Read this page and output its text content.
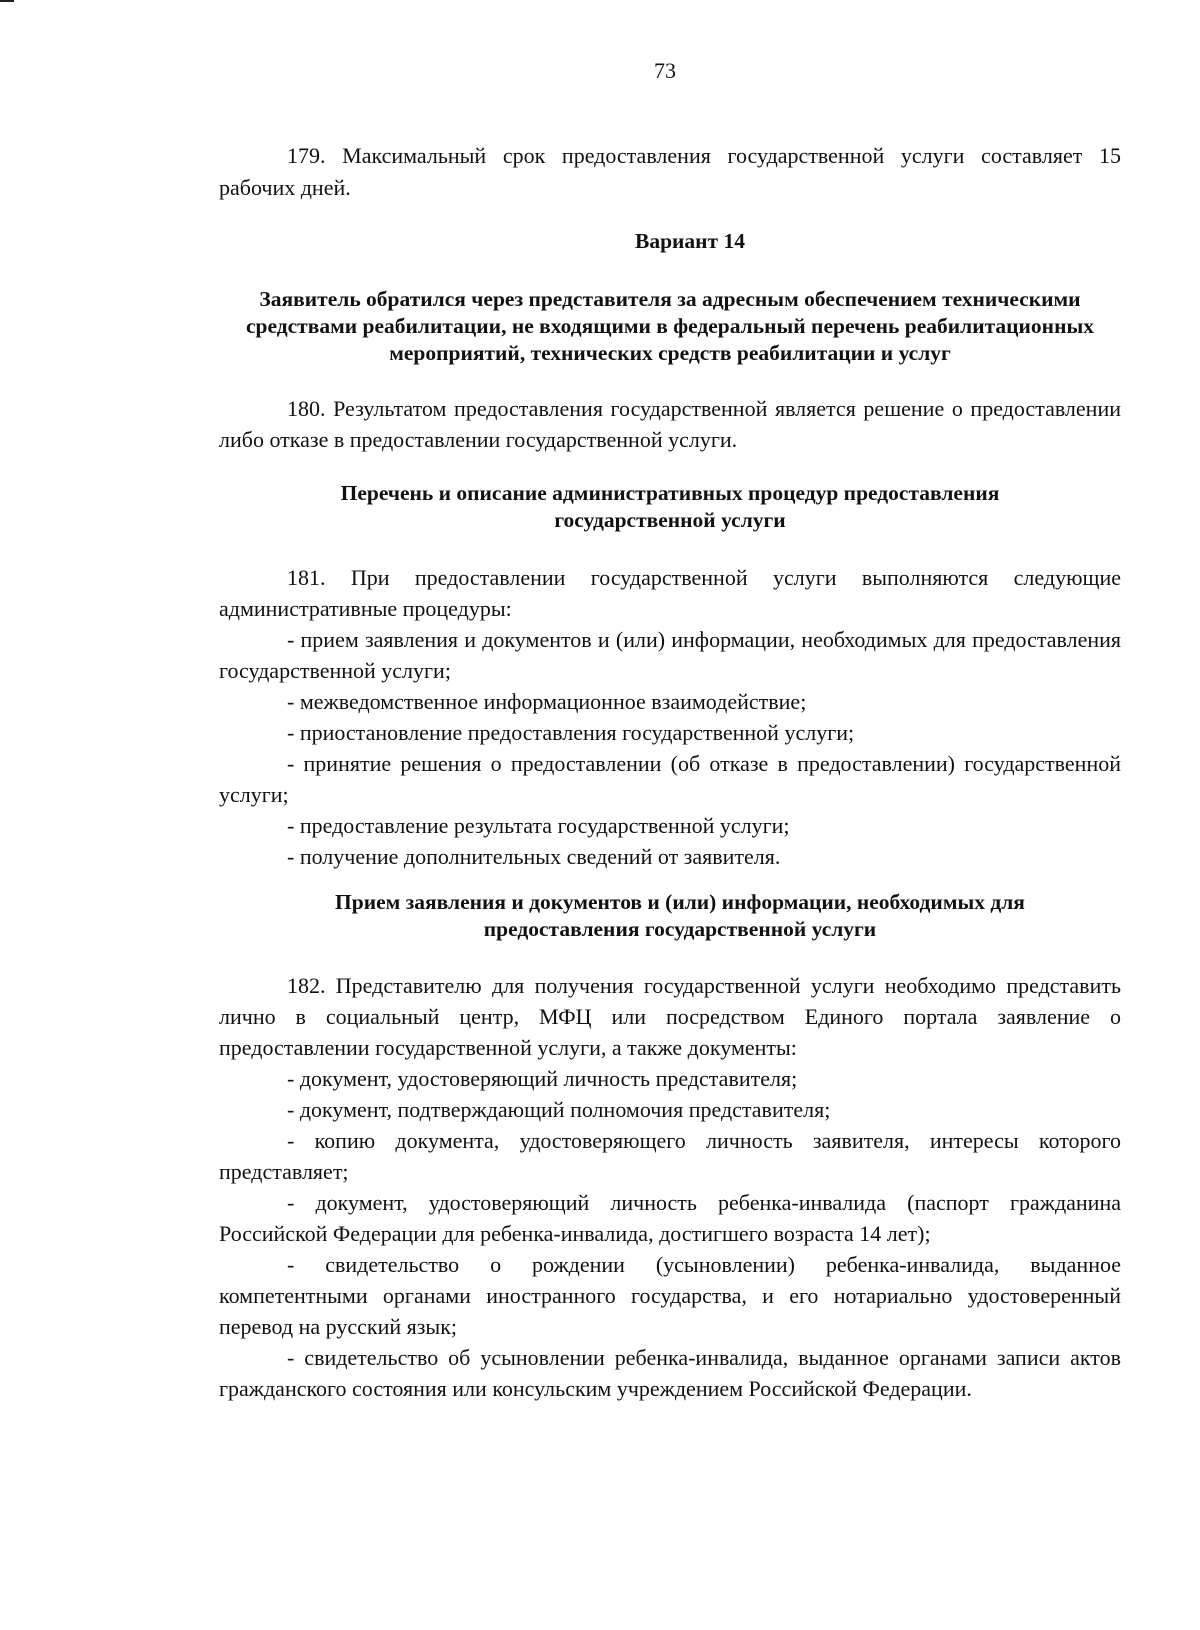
73

179. Максимальный срок предоставления государственной услуги составляет 15 рабочих дней.

Вариант 14

Заявитель обратился через представителя за адресным обеспечением техническими средствами реабилитации, не входящими в федеральный перечень реабилитационных мероприятий, технических средств реабилитации и услуг

180. Результатом предоставления государственной является решение о предоставлении либо отказе в предоставлении государственной услуги.

Перечень и описание административных процедур предоставления государственной услуги

181. При предоставлении государственной услуги выполняются следующие административные процедуры:

- прием заявления и документов и (или) информации, необходимых для предоставления государственной услуги;

- межведомственное информационное взаимодействие;

- приостановление предоставления государственной услуги;

- принятие решения о предоставлении (об отказе в предоставлении) государственной услуги;

- предоставление результата государственной услуги;

- получение дополнительных сведений от заявителя.

Прием заявления и документов и (или) информации, необходимых для предоставления государственной услуги

182. Представителю для получения государственной услуги необходимо представить лично в социальный центр, МФЦ или посредством Единого портала заявление о предоставлении государственной услуги, а также документы:

- документ, удостоверяющий личность представителя;

- документ, подтверждающий полномочия представителя;

- копию документа, удостоверяющего личность заявителя, интересы которого представляет;

- документ, удостоверяющий личность ребенка-инвалида (паспорт гражданина Российской Федерации для ребенка-инвалида, достигшего возраста 14 лет);

- свидетельство о рождении (усыновлении) ребенка-инвалида, выданное компетентными органами иностранного государства, и его нотариально удостоверенный перевод на русский язык;

- свидетельство об усыновлении ребенка-инвалида, выданное органами записи актов гражданского состояния или консульским учреждением Российской Федерации.
